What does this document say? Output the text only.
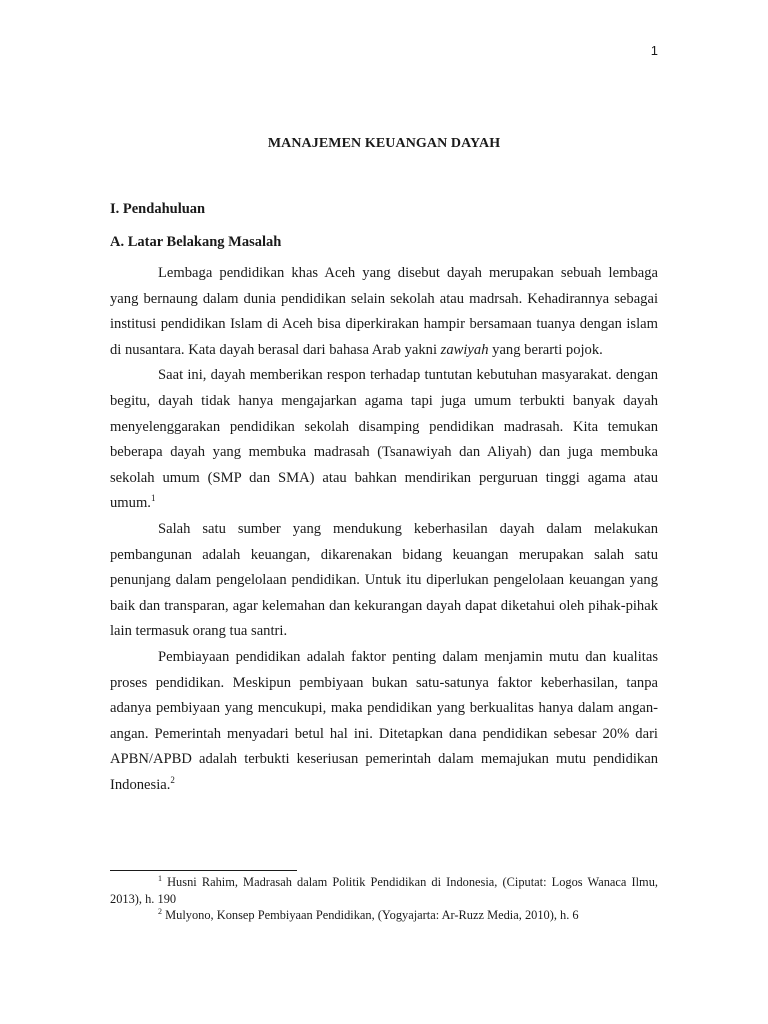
1
MANAJEMEN KEUANGAN DAYAH
I. Pendahuluan
A. Latar Belakang Masalah

Lembaga pendidikan khas Aceh yang disebut dayah merupakan sebuah lembaga yang bernaung dalam dunia pendidikan selain sekolah atau madrsah. Kehadirannya sebagai institusi pendidikan Islam di Aceh bisa diperkirakan hampir bersamaan tuanya dengan islam di nusantara. Kata dayah berasal dari bahasa Arab yakni zawiyah yang berarti pojok.

Saat ini, dayah memberikan respon terhadap tuntutan kebutuhan masyarakat. dengan begitu, dayah tidak hanya mengajarkan agama tapi juga umum terbukti banyak dayah menyelenggarakan pendidikan sekolah disamping pendidikan madrasah. Kita temukan beberapa dayah yang membuka madrasah (Tsanawiyah dan Aliyah) dan juga membuka sekolah umum (SMP dan SMA) atau bahkan mendirikan perguruan tinggi agama atau umum.$^1$

Salah satu sumber yang mendukung keberhasilan dayah dalam melakukan pembangunan adalah keuangan, dikarenakan bidang keuangan merupakan salah satu penunjang dalam pengelolaan pendidikan. Untuk itu diperlukan pengelolaan keuangan yang baik dan transparan, agar kelemahan dan kekurangan dayah dapat diketahui oleh pihak-pihak lain termasuk orang tua santri.

Pembiayaan pendidikan adalah faktor penting dalam menjamin mutu dan kualitas proses pendidikan. Meskipun pembiyaan bukan satu-satunya faktor keberhasilan, tanpa adanya pembiyaan yang mencukupi, maka pendidikan yang berkualitas hanya dalam angan-angan. Pemerintah menyadari betul hal ini. Ditetapkan dana pendidikan sebesar 20% dari APBN/APBD adalah terbukti keseriusan pemerintah dalam memajukan mutu pendidikan Indonesia.$^2$

$^1$ Husni Rahim, Madrasah dalam Politik Pendidikan di Indonesia, (Ciputat: Logos Wanaca Ilmu, 2013), h. 190

$^2$ Mulyono, Konsep Pembiyaan Pendidikan, (Yogyajarta: Ar-Ruzz Media, 2010), h. 6
